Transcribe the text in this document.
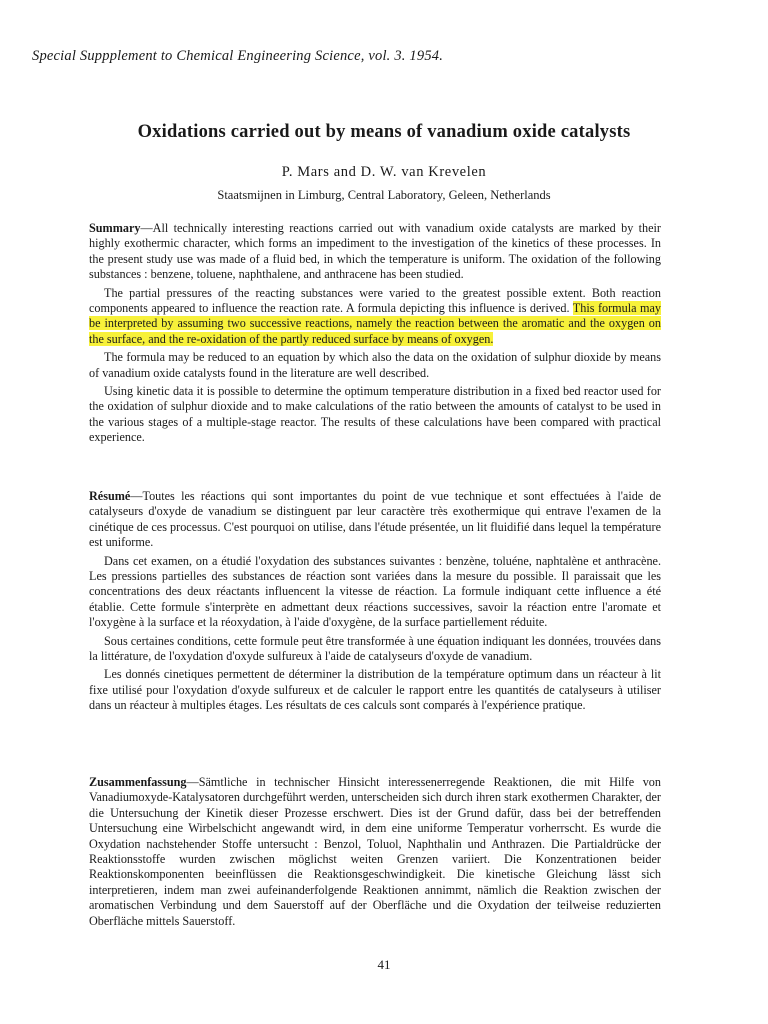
Special Suppplement to Chemical Engineering Science, vol. 3. 1954.
Oxidations carried out by means of vanadium oxide catalysts
P. Mars and D. W. van Krevelen
Staatsmijnen in Limburg, Central Laboratory, Geleen, Netherlands

Summary—All technically interesting reactions carried out with vanadium oxide catalysts are marked by their highly exothermic character, which forms an impediment to the investigation of the kinetics of these processes. In the present study use was made of a fluid bed, in which the temperature is uniform. The oxidation of the following substances : benzene, toluene, naphthalene, and anthracene has been studied.

The partial pressures of the reacting substances were varied to the greatest possible extent. Both reaction components appeared to influence the reaction rate. A formula depicting this influence is derived. This formula may be interpreted by assuming two successive reactions, namely the reaction between the aromatic and the oxygen on the surface, and the re-oxidation of the partly reduced surface by means of oxygen.

The formula may be reduced to an equation by which also the data on the oxidation of sulphur dioxide by means of vanadium oxide catalysts found in the literature are well described.

Using kinetic data it is possible to determine the optimum temperature distribution in a fixed bed reactor used for the oxidation of sulphur dioxide and to make calculations of the ratio between the amounts of catalyst to be used in the various stages of a multiple-stage reactor. The results of these calculations have been compared with practical experience.

Résumé—Toutes les réactions qui sont importantes du point de vue technique et sont effectuées à l'aide de catalyseurs d'oxyde de vanadium se distinguent par leur caractère très exothermique qui entrave l'examen de la cinétique de ces processus. C'est pourquoi on utilise, dans l'étude présentée, un lit fluidifié dans lequel la température est uniforme.

Dans cet examen, on a étudié l'oxydation des substances suivantes : benzène, toluéne, naphtalène et anthracène. Les pressions partielles des substances de réaction sont variées dans la mesure du possible. Il paraissait que les concentrations des deux réactants influencent la vitesse de réaction. La formule indiquant cette influence a été établie. Cette formule s'interprète en admettant deux réactions successives, savoir la réaction entre l'aromate et l'oxygène à la surface et la réoxydation, à l'aide d'oxygène, de la surface partiellement réduite.

Sous certaines conditions, cette formule peut être transformée à une équation indiquant les données, trouvées dans la littérature, de l'oxydation d'oxyde sulfureux à l'aide de catalyseurs d'oxyde de vanadium.

Les donnés cinetiques permettent de déterminer la distribution de la température optimum dans un réacteur à lit fixe utilisé pour l'oxydation d'oxyde sulfureux et de calculer le rapport entre les quantités de catalyseurs à utiliser dans un réacteur à multiples étages. Les résultats de ces calculs sont comparés à l'expérience pratique.

Zusammenfassung—Sämtliche in technischer Hinsicht interessenerregende Reaktionen, die mit Hilfe von Vanadiumoxyde-Katalysatoren durchgeführt werden, unterscheiden sich durch ihren stark exothermen Charakter, der die Untersuchung der Kinetik dieser Prozesse erschwert. Dies ist der Grund dafür, dass bei der betreffenden Untersuchung eine Wirbelschicht angewandt wird, in dem eine uniforme Temperatur vorherrscht. Es wurde die Oxydation nachstehender Stoffe untersucht : Benzol, Toluol, Naphthalin und Anthrazen. Die Partialdrücke der Reaktionsstoffe wurden zwischen möglichst weiten Grenzen variiert. Die Konzentrationen beider Reaktionskomponenten beeinflüssen die Reaktionsgeschwindigkeit. Die kinetische Gleichung lässt sich interpretieren, indem man zwei aufeinanderfolgende Reaktionen annimmt, nämlich die Reaktion zwischen der aromatischen Verbindung und dem Sauerstoff auf der Oberfläche und die Oxydation der teilweise reduzierten Oberfläche mittels Sauerstoff.

41
